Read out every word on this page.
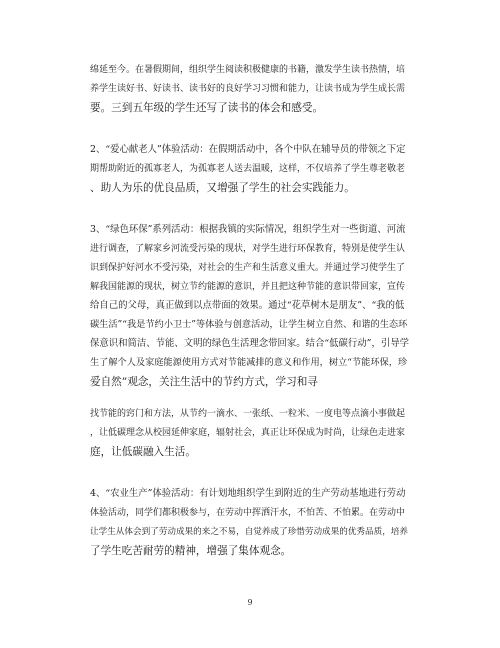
绵延至今。在暑假期间，组织学生阅读积极健康的书籍，激发学生读书热情，培
养学生读好书、好读书、读书好的良好学习习惯和能力，让读书成为学生成长需
要。三到五年级的学生还写了读书的体会和感受。
2、“爱心献老人”体验活动：在假期活动中，各个中队在辅导员的带领之下定
期帮助附近的孤寡老人，为孤寡老人送去温暖，这样，不仅培养了学生尊老敬老
、助人为乐的优良品质，又增强了学生的社会实践能力。
3、“绿色环保”系列活动：根据我镇的实际情况，组织学生对一些街道、河流
进行调查，了解家乡河流受污染的现状，对学生进行环保教育，特别是使学生认
识到保护好河水不受污染，对社会的生产和生活意义重大。并通过学习使学生了
解我国能源的现状，树立节约能源的意识，并且把这种节能的意识带回家，宣传
给自己的父母，真正做到以点带面的效果。通过“花草树木是朋友”、“我的低
碳生活”“我是节约小卫士”等体验与创意活动，让学生树立自然、和谐的生态环
保意识和简洁、节能、文明的绿色生活理念带回家。结合“低碳行动”，引导学
生了解个人及家庭能源使用方式对节能减排的意义和作用，树立“节能环保，珍
爱自然”观念，关注生活中的节约方式，学习和寻
找节能的窍门和方法，从节约一滴水、一张纸、一粒米、一度电等点滴小事做起
，让低碳理念从校园延伸家庭，辐射社会，真正让环保成为时尚，让绿色走进家
庭，让低碳融入生活。
4、“农业生产”体验活动：有计划地组织学生到附近的生产劳动基地进行劳动
体验活动，同学们都积极参与，在劳动中挥洒汗水，不怕苦、不怕累。在劳动中
让学生从体会到了劳动成果的来之不易，自觉养成了珍惜劳动成果的优秀品质，培养
了学生吃苦耐劳的精神，增强了集体观念。
9
